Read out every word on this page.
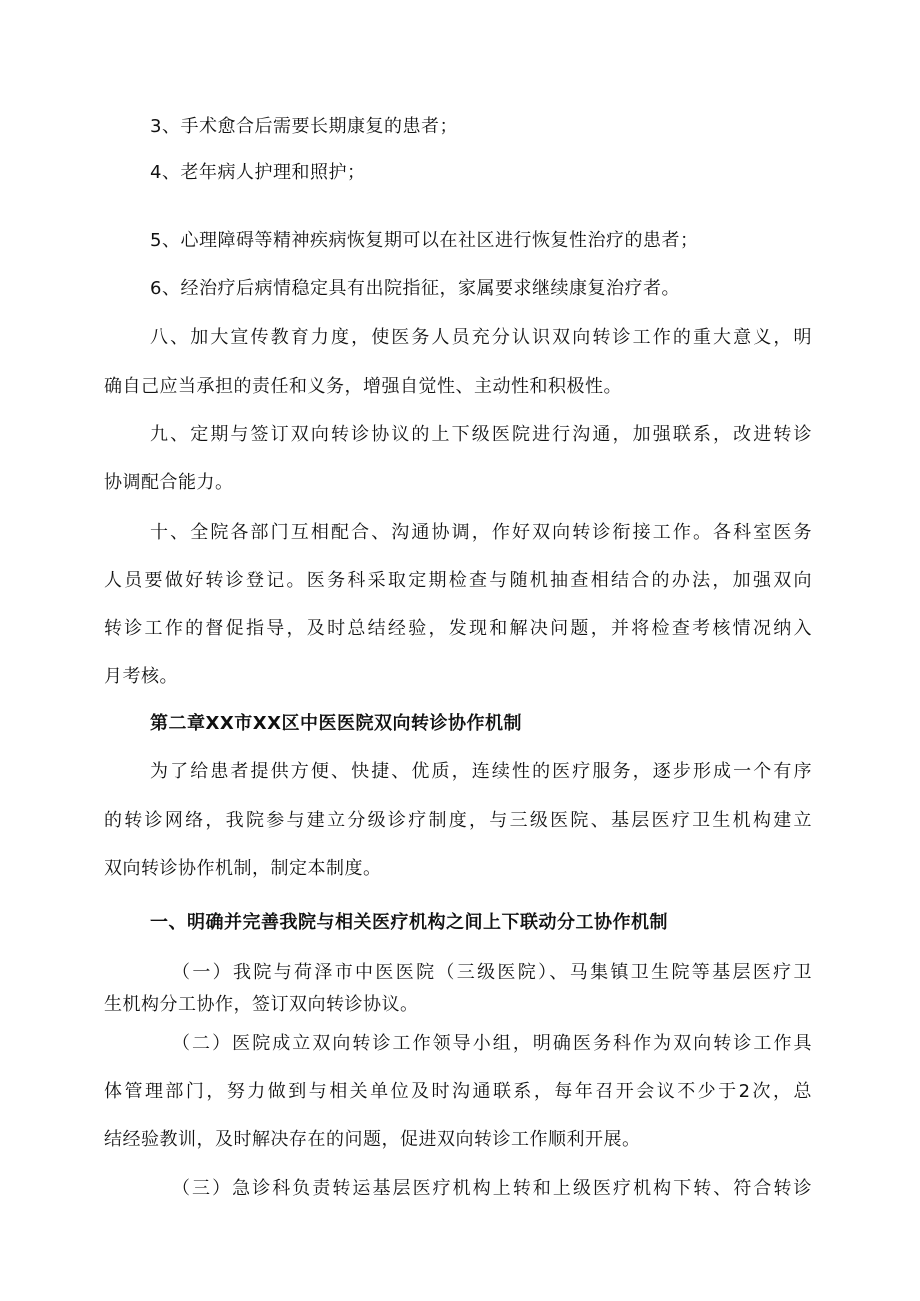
3、手术愈合后需要长期康复的患者；
4、老年病人护理和照护；
5、心理障碍等精神疾病恢复期可以在社区进行恢复性治疗的患者；
6、经治疗后病情稳定具有出院指征，家属要求继续康复治疗者。
八、加大宣传教育力度，使医务人员充分认识双向转诊工作的重大意义，明
确自己应当承担的责任和义务，增强自觉性、主动性和积极性。
九、定期与签订双向转诊协议的上下级医院进行沟通，加强联系，改进转诊
协调配合能力。
十、全院各部门互相配合、沟通协调，作好双向转诊衔接工作。各科室医务
人员要做好转诊登记。医务科采取定期检查与随机抽查相结合的办法，加强双向
转诊工作的督促指导，及时总结经验，发现和解决问题，并将检查考核情况纳入
月考核。
第二章XX市XX区中医医院双向转诊协作机制
为了给患者提供方便、快捷、优质，连续性的医疗服务，逐步形成一个有序
的转诊网络，我院参与建立分级诊疗制度，与三级医院、基层医疗卫生机构建立
双向转诊协作机制，制定本制度。
一、明确并完善我院与相关医疗机构之间上下联动分工协作机制
（一）我院与荷泽市中医医院（三级医院）、马集镇卫生院等基层医疗卫
生机构分工协作，签订双向转诊协议。
（二）医院成立双向转诊工作领导小组，明确医务科作为双向转诊工作具
体管理部门，努力做到与相关单位及时沟通联系，每年召开会议不少于2次，总
结经验教训，及时解决存在的问题，促进双向转诊工作顺利开展。
（三）急诊科负责转运基层医疗机构上转和上级医疗机构下转、符合转诊
